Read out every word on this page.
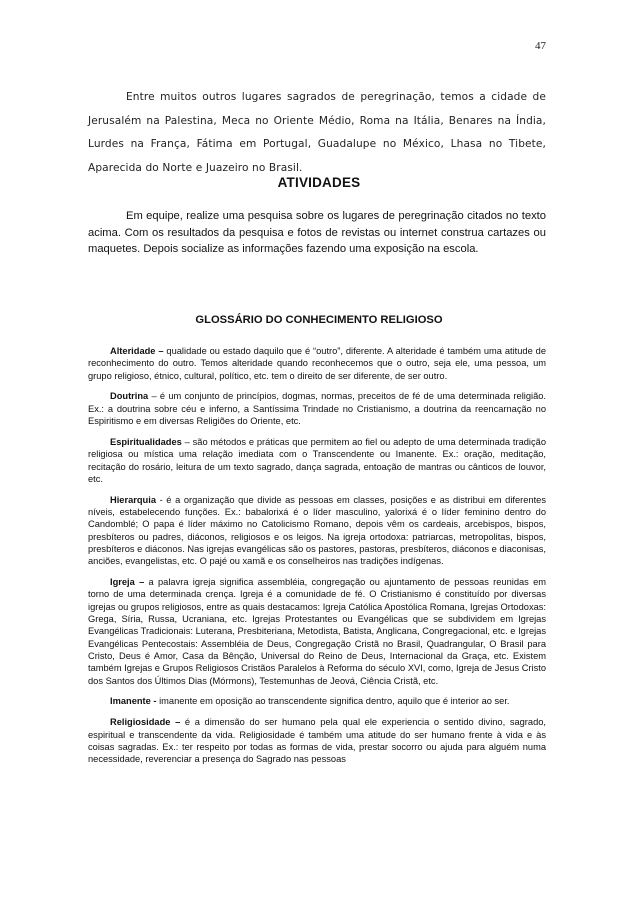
47

Entre muitos outros lugares sagrados de peregrinação, temos a cidade de Jerusalém na Palestina, Meca no Oriente Médio, Roma na Itália, Benares na Índia, Lurdes na França, Fátima em Portugal, Guadalupe no México, Lhasa no Tibete, Aparecida do Norte e Juazeiro no Brasil.

ATIVIDADES

Em equipe, realize uma pesquisa sobre os lugares de peregrinação citados no texto acima. Com os resultados da pesquisa e fotos de revistas ou internet construa cartazes ou maquetes. Depois socialize as informações fazendo uma exposição na escola.

GLOSSÁRIO DO CONHECIMENTO RELIGIOSO

Alteridade – qualidade ou estado daquilo que é “outro”, diferente. A alteridade é também uma atitude de reconhecimento do outro. Temos alteridade quando reconhecemos que o outro, seja ele, uma pessoa, um grupo religioso, étnico, cultural, político, etc. tem o direito de ser diferente, de ser outro.

Doutrina – é um conjunto de princípios, dogmas, normas, preceitos de fé de uma determinada religião. Ex.: a doutrina sobre céu e inferno, a Santíssima Trindade no Cristianismo, a doutrina da reencarnação no Espiritismo e em diversas Religiões do Oriente, etc.

Espiritualidades – são métodos e práticas que permitem ao fiel ou adepto de uma determinada tradição religiosa ou mística uma relação imediata com o Transcendente ou Imanente. Ex.: oração, meditação, recitação do rosário, leitura de um texto sagrado, dança sagrada, entoação de mantras ou cânticos de louvor, etc.

Hierarquia - é a organização que divide as pessoas em classes, posições e as distribui em diferentes níveis, estabelecendo funções. Ex.: babalorixá é o líder masculino, yalorixá é o líder feminino dentro do Candomblé; O papa é líder máximo no Catolicismo Romano, depois vêm os cardeais, arcebispos, bispos, presbíteros ou padres, diáconos, religiosos e os leigos. Na igreja ortodoxa: patriarcas, metropolitas, bispos, presbíteros e diáconos. Nas igrejas evangélicas são os pastores, pastoras, presbíteros, diáconos e diaconisas, anciões, evangelistas, etc. O pajé ou xamã e os conselheiros nas tradições indígenas.

Igreja – a palavra igreja significa assembléia, congregação ou ajuntamento de pessoas reunidas em torno de uma determinada crença. Igreja é a comunidade de fé. O Cristianismo é constituído por diversas igrejas ou grupos religiosos, entre as quais destacamos: Igreja Católica Apostólica Romana, Igrejas Ortodoxas: Grega, Síria, Russa, Ucraniana, etc. Igrejas Protestantes ou Evangélicas que se subdividem em Igrejas Evangélicas Tradicionais: Luterana, Presbiteriana, Metodista, Batista, Anglicana, Congregacional, etc. e Igrejas Evangélicas Pentecostais: Assembléia de Deus, Congregação Cristã no Brasil, Quadrangular, O Brasil para Cristo, Deus é Amor, Casa da Bênção, Universal do Reino de Deus, Internacional da Graça, etc. Existem também Igrejas e Grupos Religiosos Cristãos Paralelos à Reforma do século XVI, como, Igreja de Jesus Cristo dos Santos dos Últimos Dias (Mórmons), Testemunhas de Jeová, Ciência Cristã, etc.

Imanente - imanente em oposição ao transcendente significa dentro, aquilo que é interior ao ser.

Religiosidade – é a dimensão do ser humano pela qual ele experiencia o sentido divino, sagrado, espiritual e transcendente da vida. Religiosidade é também uma atitude do ser humano frente à vida e às coisas sagradas. Ex.: ter respeito por todas as formas de vida, prestar socorro ou ajuda para alguém numa necessidade, reverenciar a presença do Sagrado nas pessoas
